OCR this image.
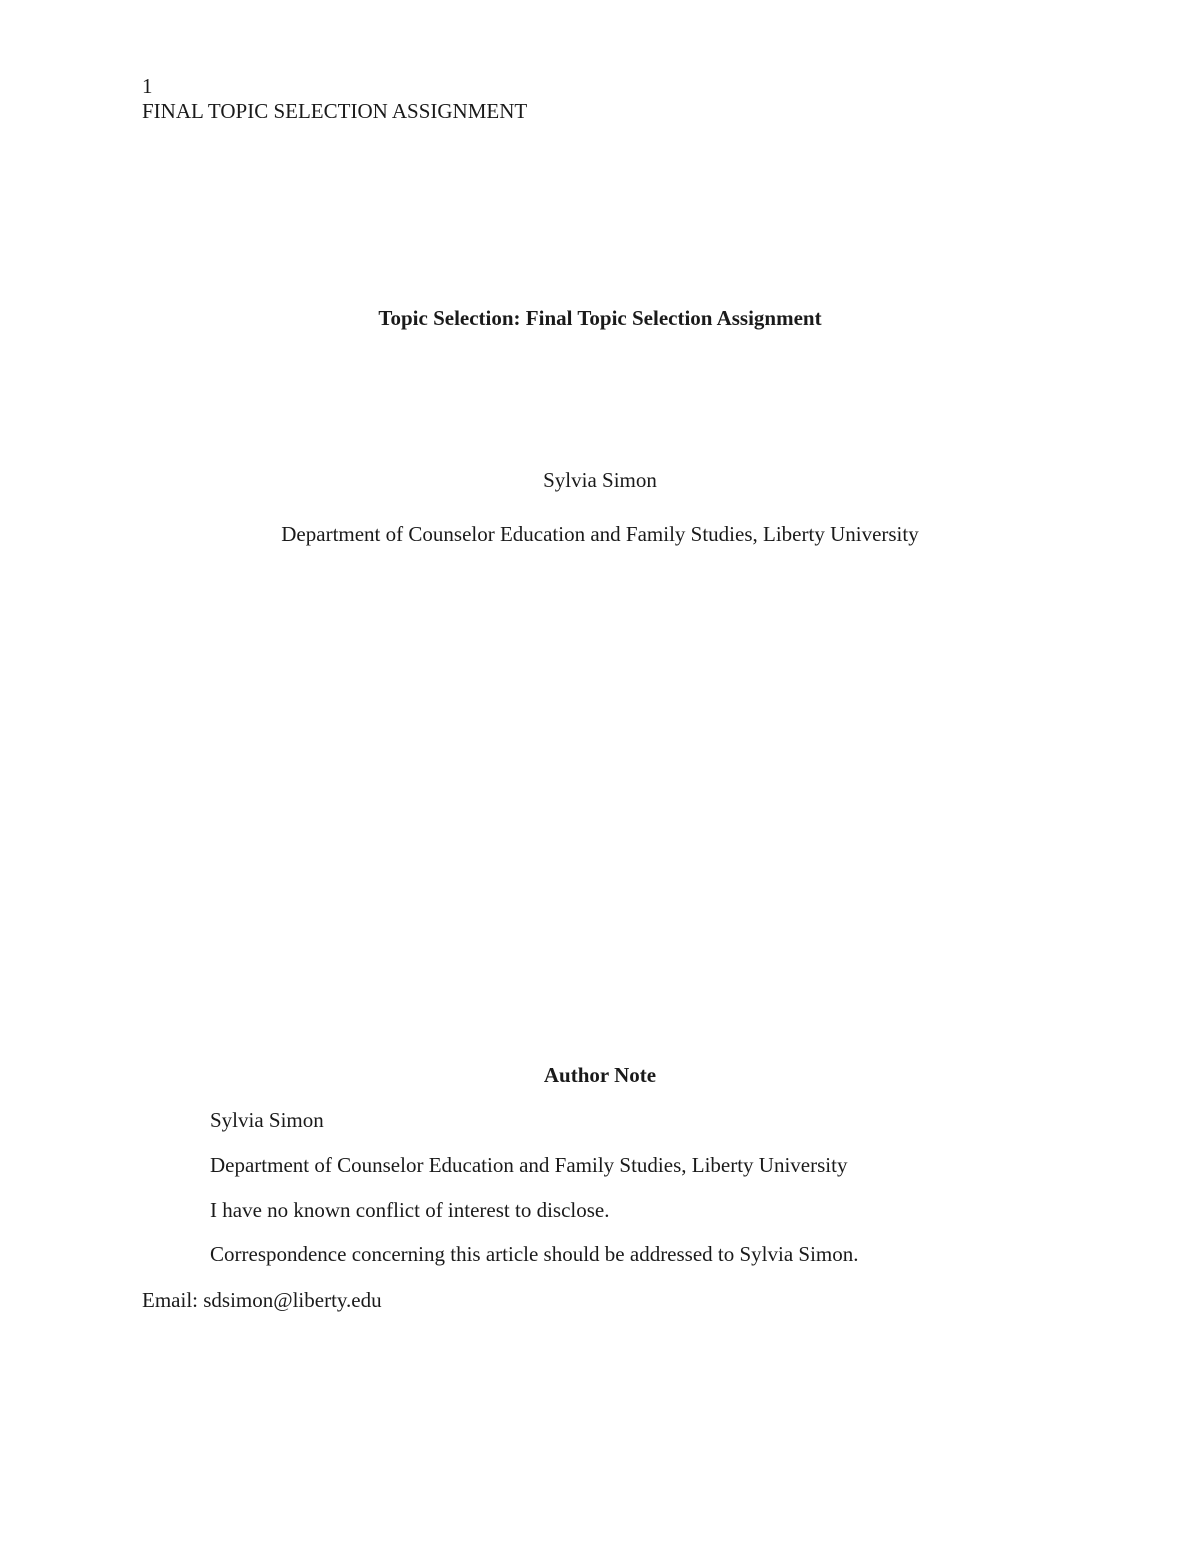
1
FINAL TOPIC SELECTION ASSIGNMENT
Topic Selection: Final Topic Selection Assignment
Sylvia Simon
Department of Counselor Education and Family Studies, Liberty University
Author Note
Sylvia Simon
Department of Counselor Education and Family Studies, Liberty University
I have no known conflict of interest to disclose.
Correspondence concerning this article should be addressed to Sylvia Simon.
Email: sdsimon@liberty.edu
